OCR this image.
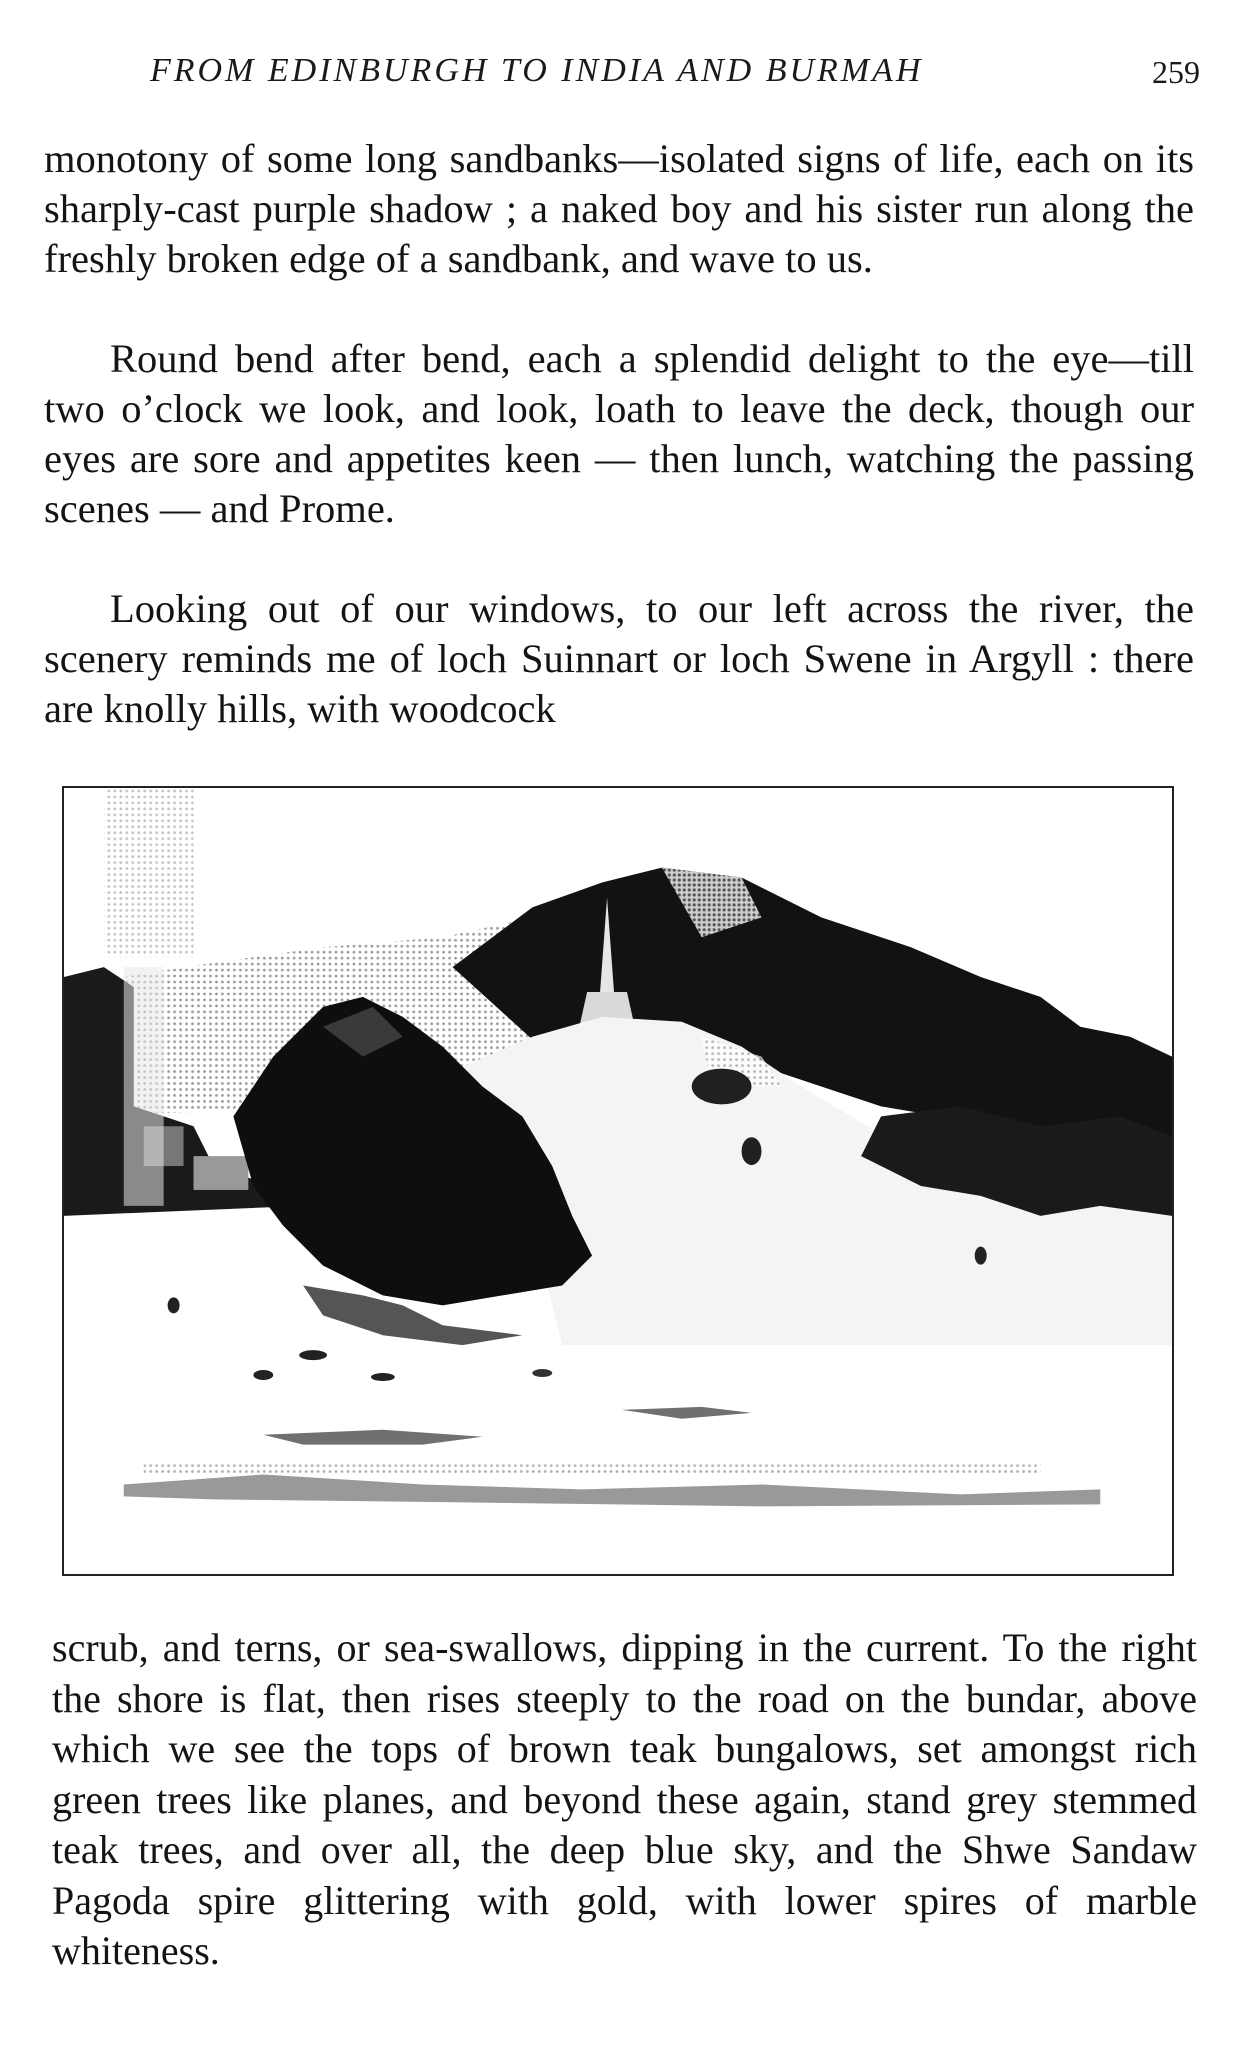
FROM EDINBURGH TO INDIA AND BURMAH	259

monotony of some long sandbanks—isolated signs of life, each on its sharply-cast purple shadow ; a naked boy and his sister run along the freshly broken edge of a sandbank, and wave to us.

Round bend after bend, each a splendid delight to the eye—till two o’clock we look, and look, loath to leave the deck, though our eyes are sore and appetites keen — then lunch, watching the passing scenes — and Prome.

Looking out of our windows, to our left across the river, the scenery reminds me of loch Suinnart or loch Swene in Argyll : there are knolly hills, with woodcock

scrub, and terns, or sea-swallows, dipping in the current. To the right the shore is flat, then rises steeply to the road on the bundar, above which we see the tops of brown teak bungalows, set amongst rich green trees like planes, and beyond these again, stand grey stemmed teak trees, and over all, the deep blue sky, and the Shwe Sandaw Pagoda spire glittering with gold, with lower spires of marble whiteness.
